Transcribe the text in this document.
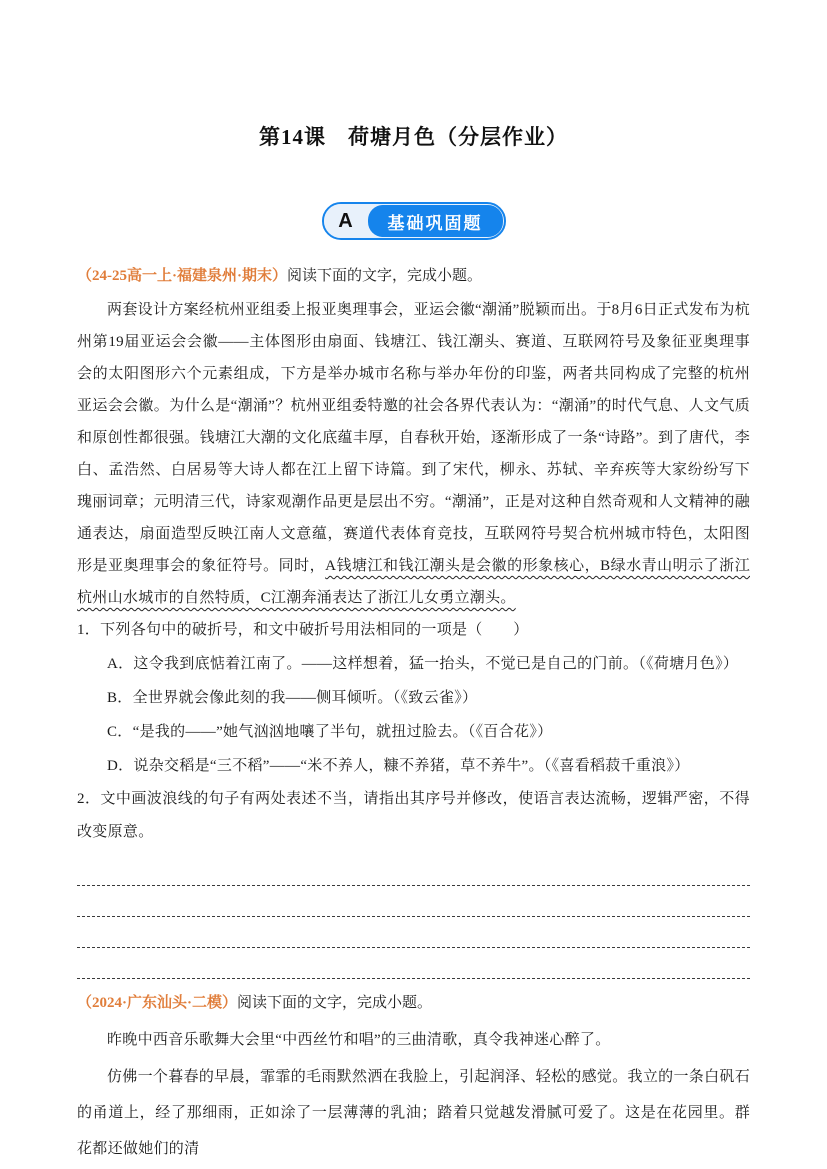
第14课　荷塘月色（分层作业）
A	基础巩固题

（24-25高一上·福建泉州·期末）阅读下面的文字，完成小题。

两套设计方案经杭州亚组委上报亚奥理事会，亚运会徽“潮涌”脱颖而出。于8月6日正式发布为杭州第19届亚运会会徽——主体图形由扇面、钱塘江、钱江潮头、赛道、互联网符号及象征亚奥理事会的太阳图形六个元素组成，下方是举办城市名称与举办年份的印鉴，两者共同构成了完整的杭州亚运会会徽。为什么是“潮涌”？杭州亚组委特邀的社会各界代表认为：“潮涌”的时代气息、人文气质和原创性都很强。钱塘江大潮的文化底蕴丰厚，自春秋开始，逐渐形成了一条“诗路”。到了唐代，李白、孟浩然、白居易等大诗人都在江上留下诗篇。到了宋代，柳永、苏轼、辛弃疾等大家纷纷写下瑰丽词章；元明清三代，诗家观潮作品更是层出不穷。“潮涌”，正是对这种自然奇观和人文精神的融通表达，扇面造型反映江南人文意蕴，赛道代表体育竞技，互联网符号契合杭州城市特色，太阳图形是亚奥理事会的象征符号。同时，A钱塘江和钱江潮头是会徽的形象核心，B绿水青山明示了浙江杭州山水城市的自然特质，C江潮奔涌表达了浙江儿女勇立潮头。

1．下列各句中的破折号，和文中破折号用法相同的一项是（　　）

A．这令我到底惦着江南了。——这样想着，猛一抬头，不觉已是自己的门前。（《荷塘月色》）

B．全世界就会像此刻的我——侧耳倾听。（《致云雀》）

C．“是我的——”她气汹汹地嚷了半句，就扭过脸去。（《百合花》）

D．说杂交稻是“三不稻”——“米不养人，糠不养猪，草不养牛”。（《喜看稻菽千重浪》）

2．文中画波浪线的句子有两处表述不当，请指出其序号并修改，使语言表达流畅，逻辑严密，不得改变原意。

（2024·广东汕头·二模）阅读下面的文字，完成小题。

昨晚中西音乐歌舞大会里“中西丝竹和唱”的三曲清歌，真令我神迷心醉了。

仿佛一个暮春的早晨，霏霏的毛雨默然洒在我脸上，引起润泽、轻松的感觉。我立的一条白矾石的甬道上，经了那细雨，正如涂了一层薄薄的乳油；踏着只觉越发滑腻可爱了。这是在花园里。群花都还做她们的清
